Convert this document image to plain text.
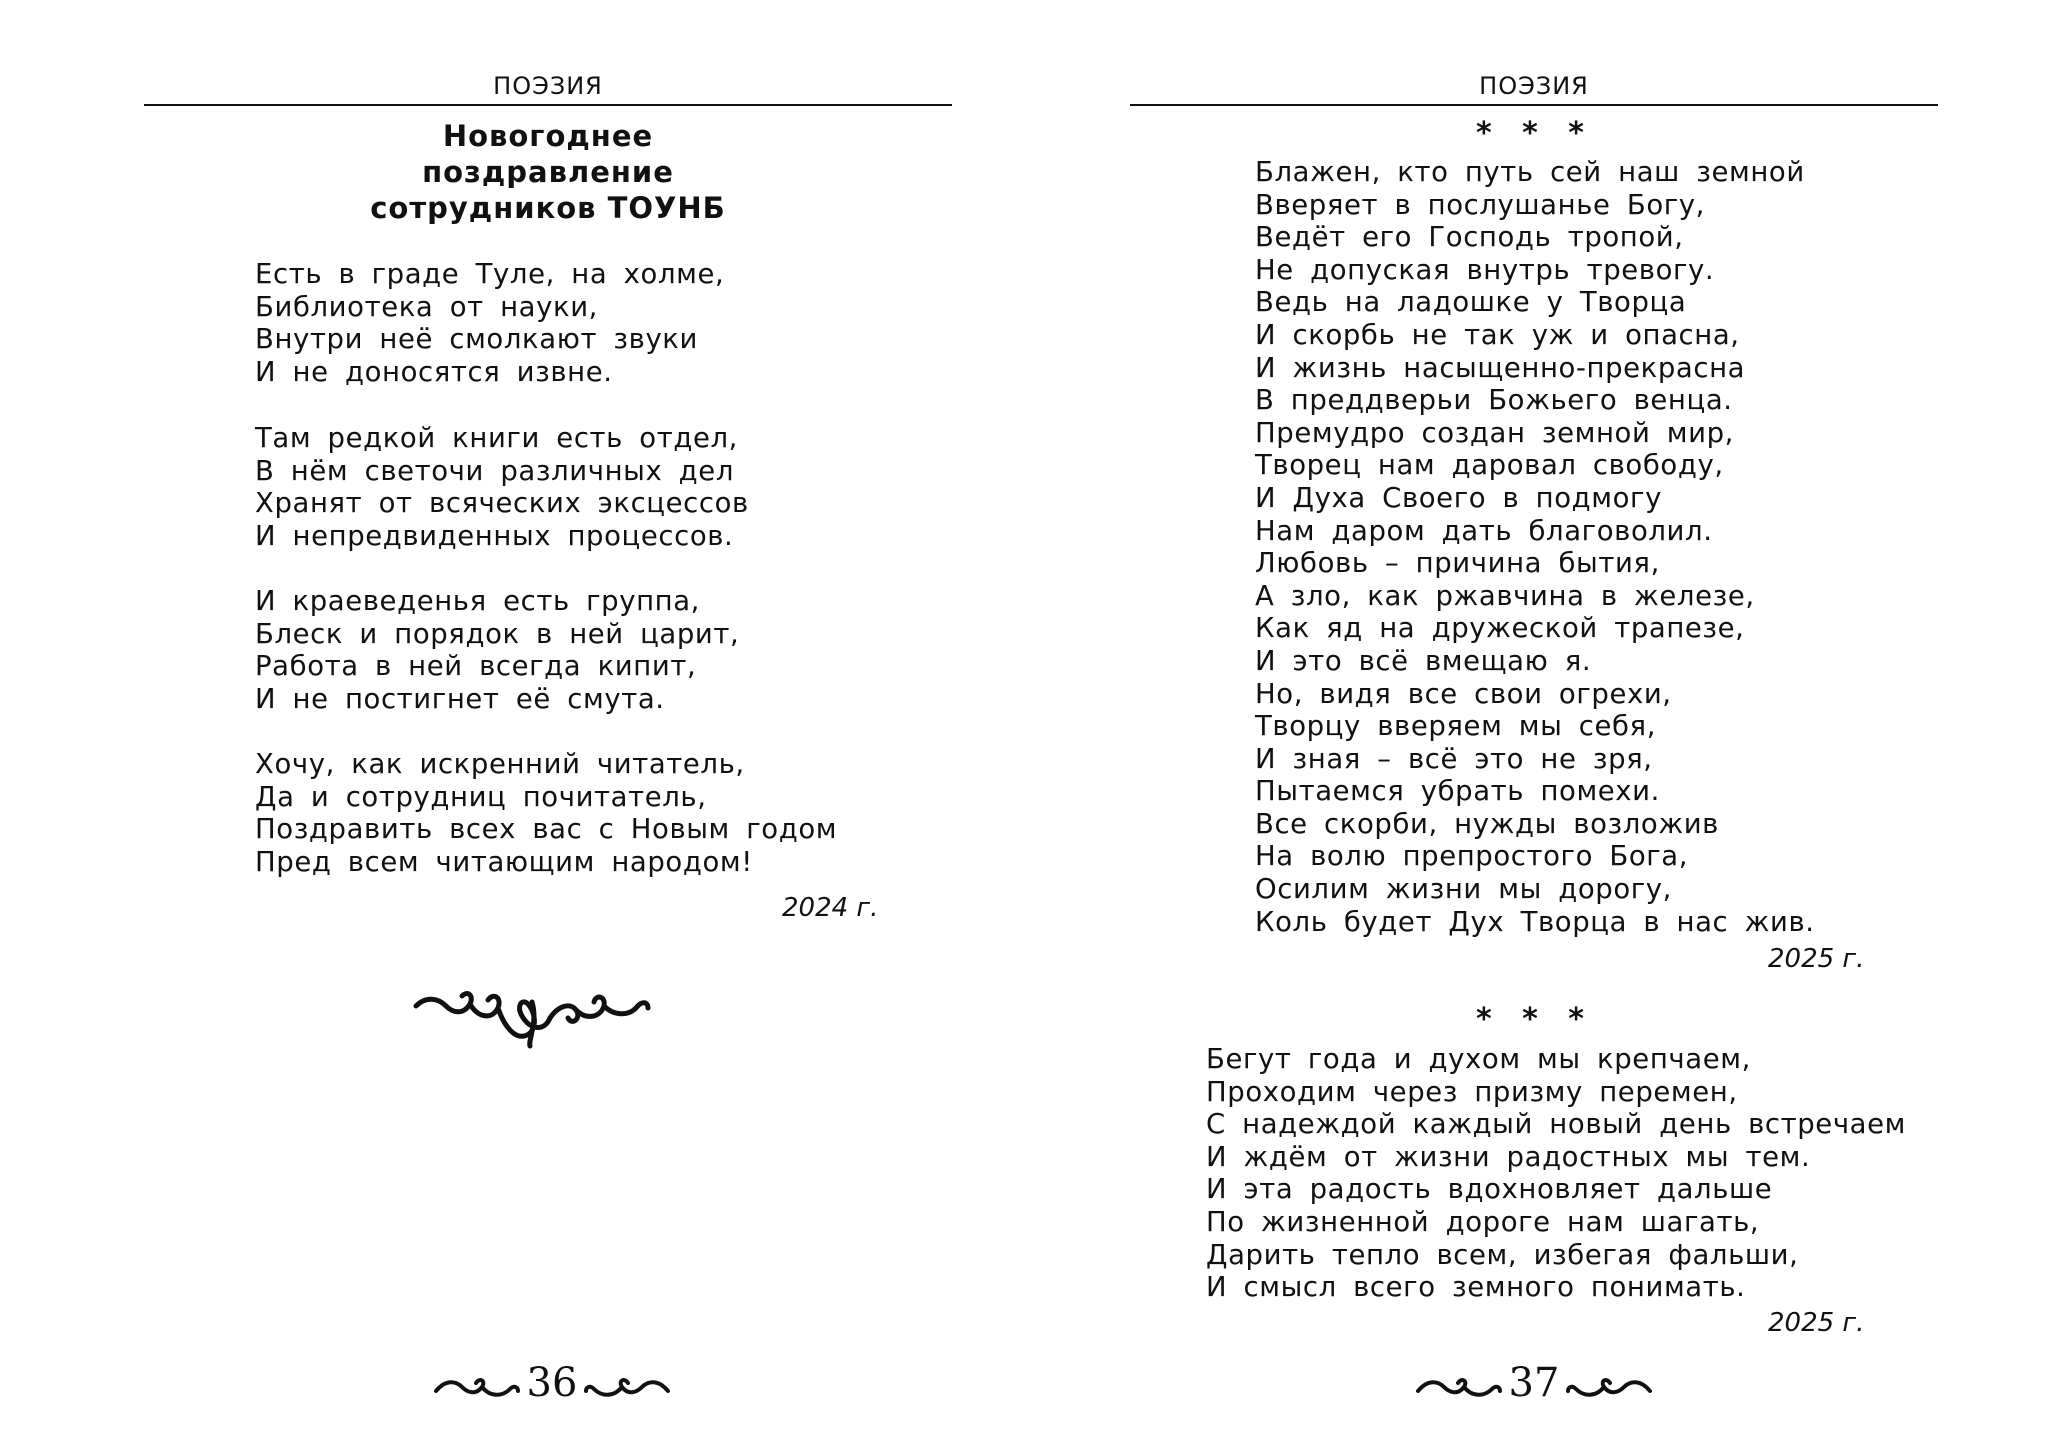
ПОЭЗИЯ
Новогоднее
поздравление
сотрудников ТОУНБ
Есть в граде Туле, на холме,
Библиотека от науки,
Внутри неё смолкают звуки
И не доносятся извне.
Там редкой книги есть отдел,
В нём светочи различных дел
Хранят от всяческих эксцессов
И непредвиденных процессов.
И краеведенья есть группа,
Блеск и порядок в ней царит,
Работа в ней всегда кипит,
И не постигнет её смута.
Хочу, как искренний читатель,
Да и сотрудниц почитатель,
Поздравить всех вас с Новым годом
Пред всем читающим народом!
2024 г.
36
ПОЭЗИЯ
* * *
Блажен, кто путь сей наш земной
Вверяет в послушанье Богу,
Ведёт его Господь тропой,
Не допуская внутрь тревогу.
Ведь на ладошке у Творца
И скорбь не так уж и опасна,
И жизнь насыщенно-прекрасна
В преддверьи Божьего венца.
Премудро создан земной мир,
Творец нам даровал свободу,
И Духа Своего в подмогу
Нам даром дать благоволил.
Любовь – причина бытия,
А зло, как ржавчина в железе,
Как яд на дружеской трапезе,
И это всё вмещаю я.
Но, видя все свои огрехи,
Творцу вверяем мы себя,
И зная – всё это не зря,
Пытаемся убрать помехи.
Все скорби, нужды возложив
На волю препростого Бога,
Осилим жизни мы дорогу,
Коль будет Дух Творца в нас жив.
2025 г.
* * *
Бегут года и духом мы крепчаем,
Проходим через призму перемен,
С надеждой каждый новый день встречаем
И ждём от жизни радостных мы тем.
И эта радость вдохновляет дальше
По жизненной дороге нам шагать,
Дарить тепло всем, избегая фальши,
И смысл всего земного понимать.
2025 г.
37
